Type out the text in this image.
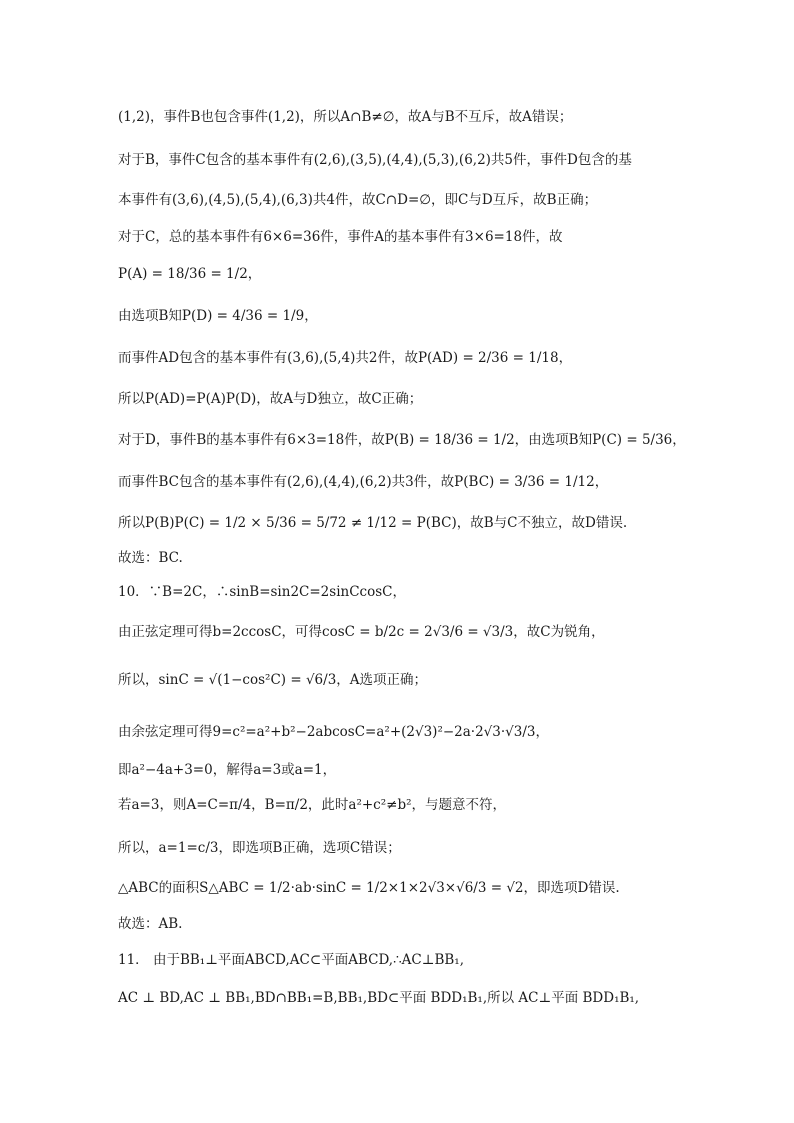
(1,2)，事件B也包含事件(1,2)，所以A∩B≠∅，故A与B不互斥，故A错误；
对于B，事件C包含的基本事件有(2,6),(3,5),(4,4),(5,3),(6,2)共5件，事件D包含的基
本事件有(3,6),(4,5),(5,4),(6,3)共4件，故C∩D=∅，即C与D互斥，故B正确；
对于C，总的基本事件有6×6=36件，事件A的基本事件有3×6=18件，故
P(A) = 18/36 = 1/2，
由选项B知P(D) = 4/36 = 1/9，
而事件AD包含的基本事件有(3,6),(5,4)共2件，故P(AD) = 2/36 = 1/18，
所以P(AD)=P(A)P(D)，故A与D独立，故C正确；
对于D，事件B的基本事件有6×3=18件，故P(B) = 18/36 = 1/2，由选项B知P(C) = 5/36，
而事件BC包含的基本事件有(2,6),(4,4),(6,2)共3件，故P(BC) = 3/36 = 1/12，
所以P(B)P(C) = 1/2 × 5/36 = 5/72 ≠ 1/12 = P(BC)，故B与C不独立，故D错误.
故选：BC.
10．∵B=2C，∴sinB=sin2C=2sinCcosC，
由正弦定理可得b=2ccosC，可得cosC = b/2c = 2√3/6 = √3/3，故C为锐角，
所以，sinC = √(1−cos²C) = √6/3，A选项正确；
由余弦定理可得9=c²=a²+b²−2abcosC=a²+(2√3)²−2a·2√3·√3/3，
即a²−4a+3=0，解得a=3或a=1，
若a=3，则A=C=π/4，B=π/2，此时a²+c²≠b²，与题意不符，
所以，a=1=c/3，即选项B正确，选项C错误；
△ABC的面积S△ABC = 1/2·ab·sinC = 1/2×1×2√3×√6/3 = √2，即选项D错误.
故选：AB.
11． 由于BB₁⊥平面ABCD,AC⊂平面ABCD,∴AC⊥BB₁,
AC ⊥ BD,AC ⊥ BB₁,BD∩BB₁=B,BB₁,BD⊂平面 BDD₁B₁,所以 AC⊥平面 BDD₁B₁,
